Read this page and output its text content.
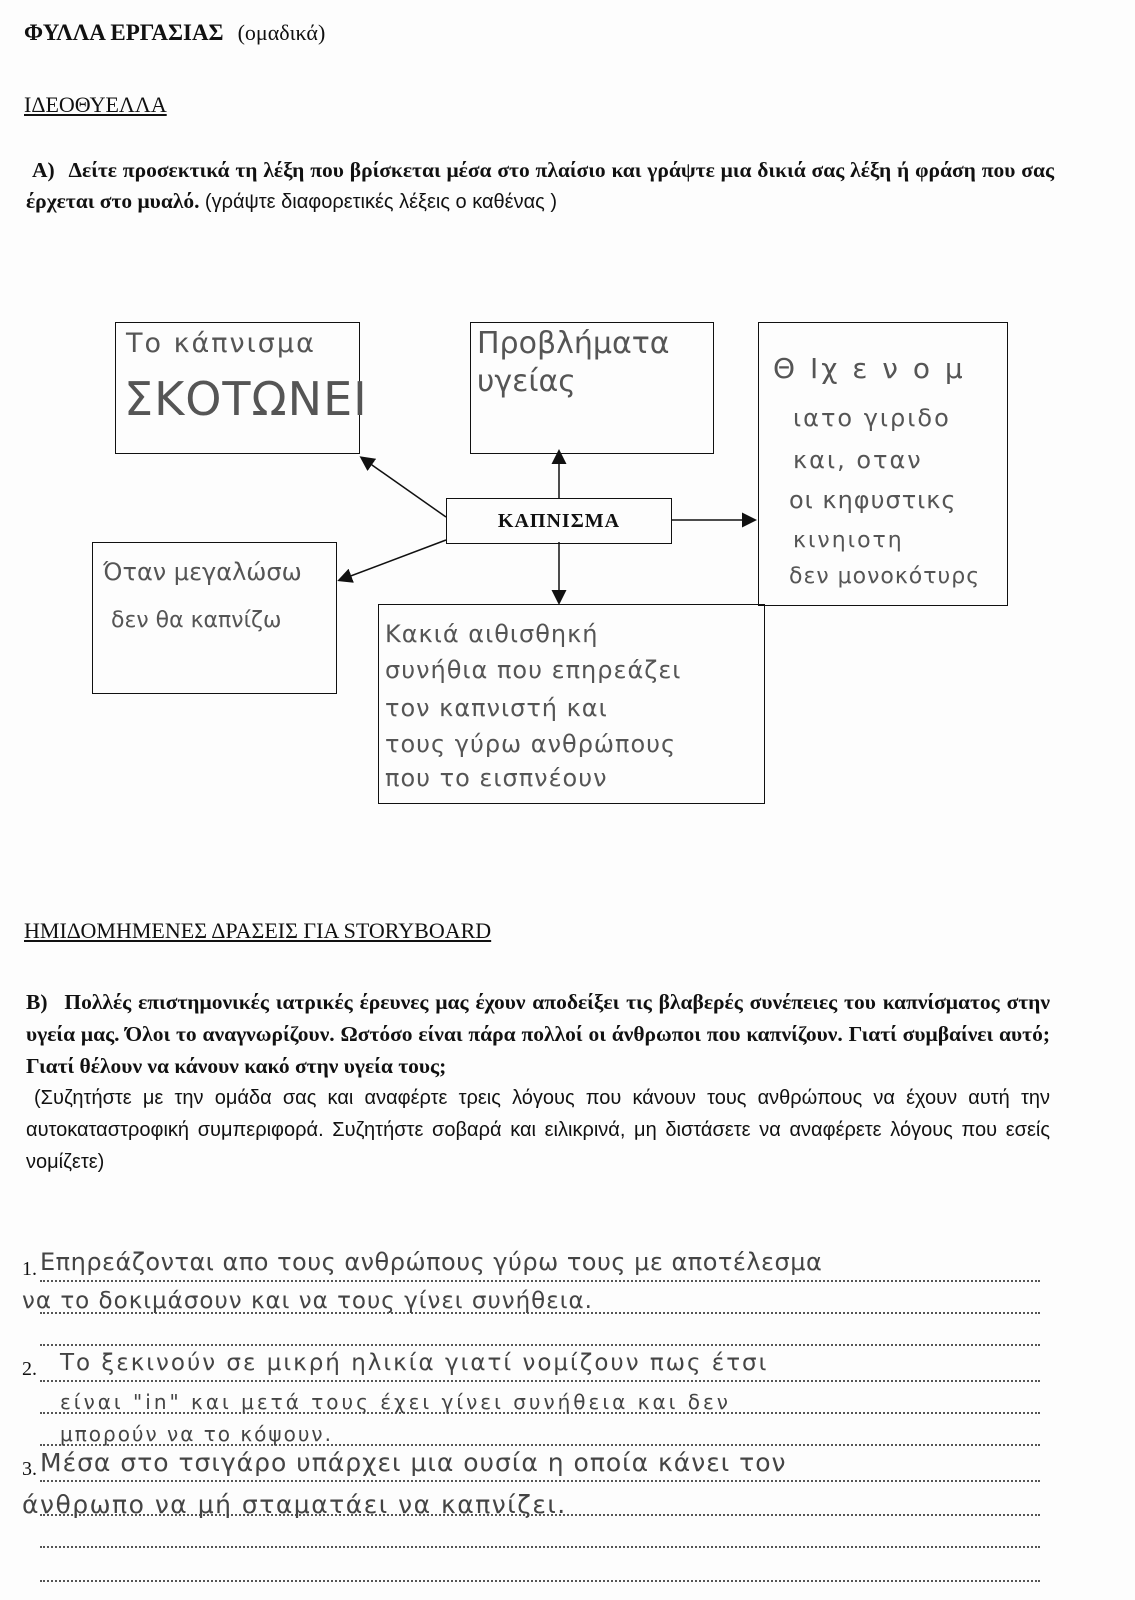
ΦΥΛΛΑ ΕΡΓΑΣΙΑΣ (ομαδικά)
ΙΔΕΟΘΥΕΛΛΑ
Α) Δείτε προσεκτικά τη λέξη που βρίσκεται μέσα στο πλαίσιο και γράψτε μια δικιά σας λέξη ή φράση που σας έρχεται στο μυαλό. (γράψτε διαφορετικές λέξεις ο καθένας )
Το κάπνισμα
ΣΚΟΤΩΝΕΙ
Προβλήματα
υγείας	Θ Ιχ ε ν ο μ
ιατο γιριδο
και, οταν
οι κηφυστικς
κινηιοτη
δεν μονοκότυρς
ΚΑΠΝΙΣΜΑ
Όταν μεγαλώσω
δεν θα καπνίζω	Κακιά αιθισθηκή
συνήθια που επηρεάζει
τον καπνιστή και
τους γύρω ανθρώπους
που το εισπνέουν
ΗΜΙΔΟΜΗΜΕΝΕΣ ΔΡΑΣΕΙΣ ΓΙΑ STORYBOARD
Β) Πολλές επιστημονικές ιατρικές έρευνες μας έχουν αποδείξει τις βλαβερές συνέπειες του καπνίσματος στην υγεία μας. Όλοι το αναγνωρίζουν. Ωστόσο είναι πάρα πολλοί οι άνθρωποι που καπνίζουν. Γιατί συμβαίνει αυτό; Γιατί θέλουν να κάνουν κακό στην υγεία τους;
(Συζητήστε με την ομάδα σας και αναφέρτε τρεις λόγους που κάνουν τους ανθρώπους να έχουν αυτή την αυτοκαταστροφική συμπεριφορά. Συζητήστε σοβαρά και ειλικρινά, μη διστάσετε να αναφέρετε λόγους που εσείς νομίζετε)
1. Επηρεάζονται απο τους ανθρώπους γύρω τους με αποτέλεσμα
να το δοκιμάσουν και να τους γίνει συνήθεια.
2. Το ξεκινούν σε μικρή ηλικία γιατί νομίζουν πως έτσι
είναι "in" και μετά τους έχει γίνει συνήθεια και δεν
μπορούν να το κόψουν.
3. Μέσα στο τσιγάρο υπάρχει μια ουσία η οποία κάνει τον
άνθρωπο να μή σταματάει να καπνίζει.
